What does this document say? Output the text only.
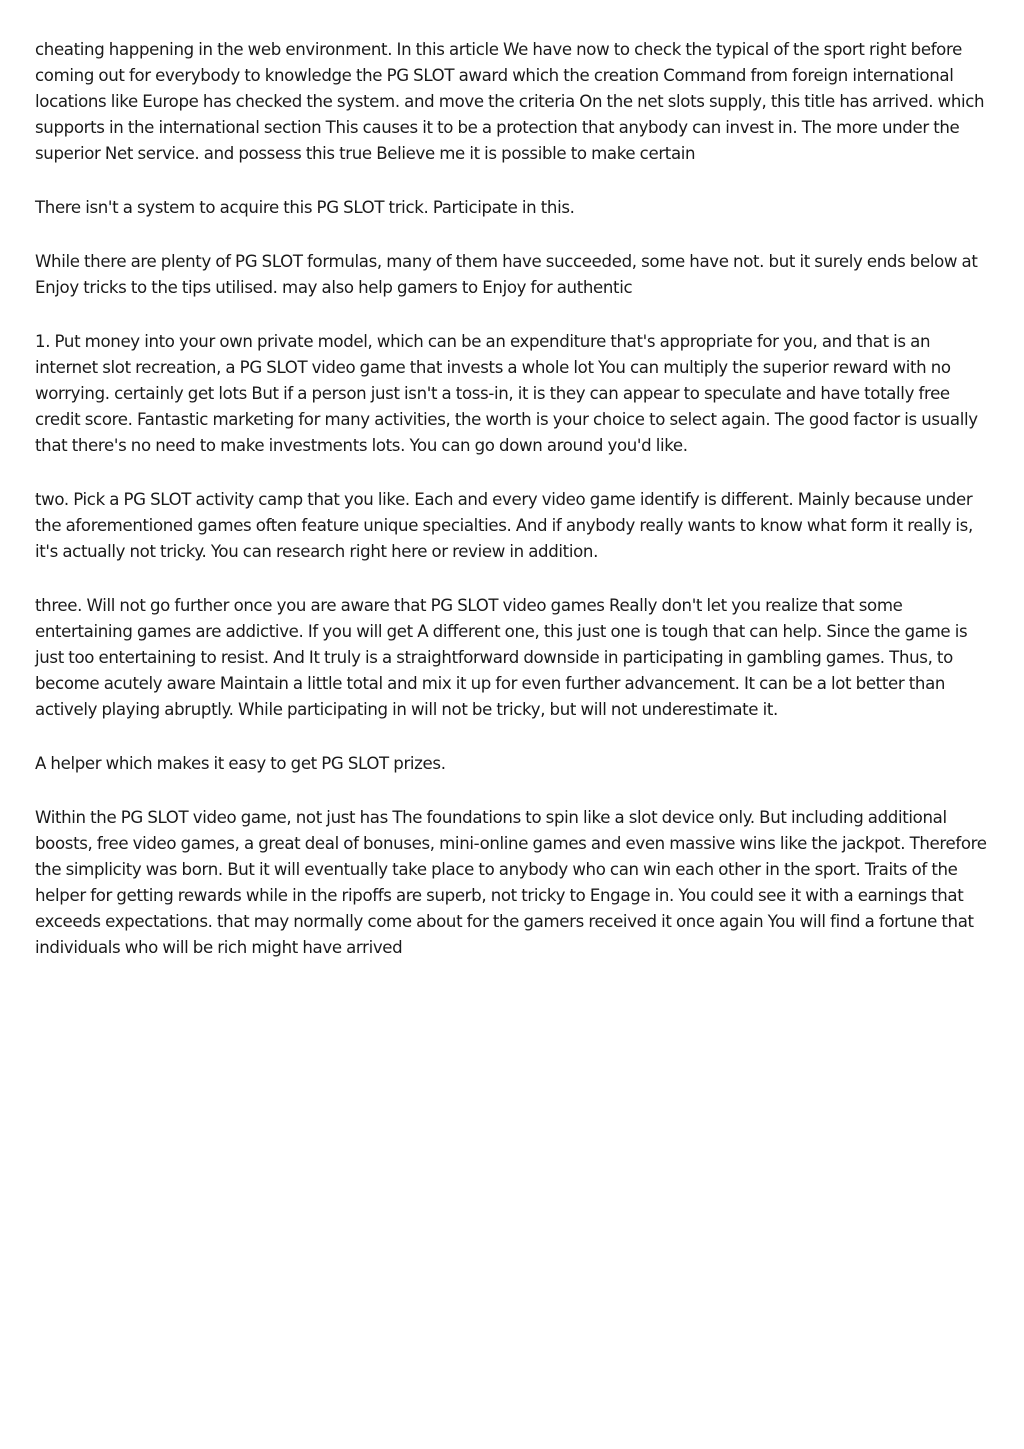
cheating happening in the web environment. In this article We have now to check the typical of the sport right before coming out for everybody to knowledge the PG SLOT award which the creation Command from foreign international locations like Europe has checked the system. and move the criteria On the net slots supply, this title has arrived. which supports in the international section This causes it to be a protection that anybody can invest in. The more under the superior Net service. and possess this true Believe me it is possible to make certain

There isn't a system to acquire this PG SLOT trick. Participate in this.

While there are plenty of PG SLOT formulas, many of them have succeeded, some have not. but it surely ends below at Enjoy tricks to the tips utilised. may also help gamers to Enjoy for authentic

1. Put money into your own private model, which can be an expenditure that's appropriate for you, and that is an internet slot recreation, a PG SLOT video game that invests a whole lot You can multiply the superior reward with no worrying. certainly get lots But if a person just isn't a toss-in, it is they can appear to speculate and have totally free credit score. Fantastic marketing for many activities, the worth is your choice to select again. The good factor is usually that there's no need to make investments lots. You can go down around you'd like.

two. Pick a PG SLOT activity camp that you like. Each and every video game identify is different. Mainly because under the aforementioned games often feature unique specialties. And if anybody really wants to know what form it really is, it's actually not tricky. You can research right here or review in addition.

three. Will not go further once you are aware that PG SLOT video games Really don't let you realize that some entertaining games are addictive. If you will get A different one, this just one is tough that can help. Since the game is just too entertaining to resist. And It truly is a straightforward downside in participating in gambling games. Thus, to become acutely aware Maintain a little total and mix it up for even further advancement. It can be a lot better than actively playing abruptly. While participating in will not be tricky, but will not underestimate it.

A helper which makes it easy to get PG SLOT prizes.

Within the PG SLOT video game, not just has The foundations to spin like a slot device only. But including additional boosts, free video games, a great deal of bonuses, mini-online games and even massive wins like the jackpot. Therefore the simplicity was born. But it will eventually take place to anybody who can win each other in the sport. Traits of the helper for getting rewards while in the ripoffs are superb, not tricky to Engage in. You could see it with a earnings that exceeds expectations. that may normally come about for the gamers received it once again You will find a fortune that individuals who will be rich might have arrived
